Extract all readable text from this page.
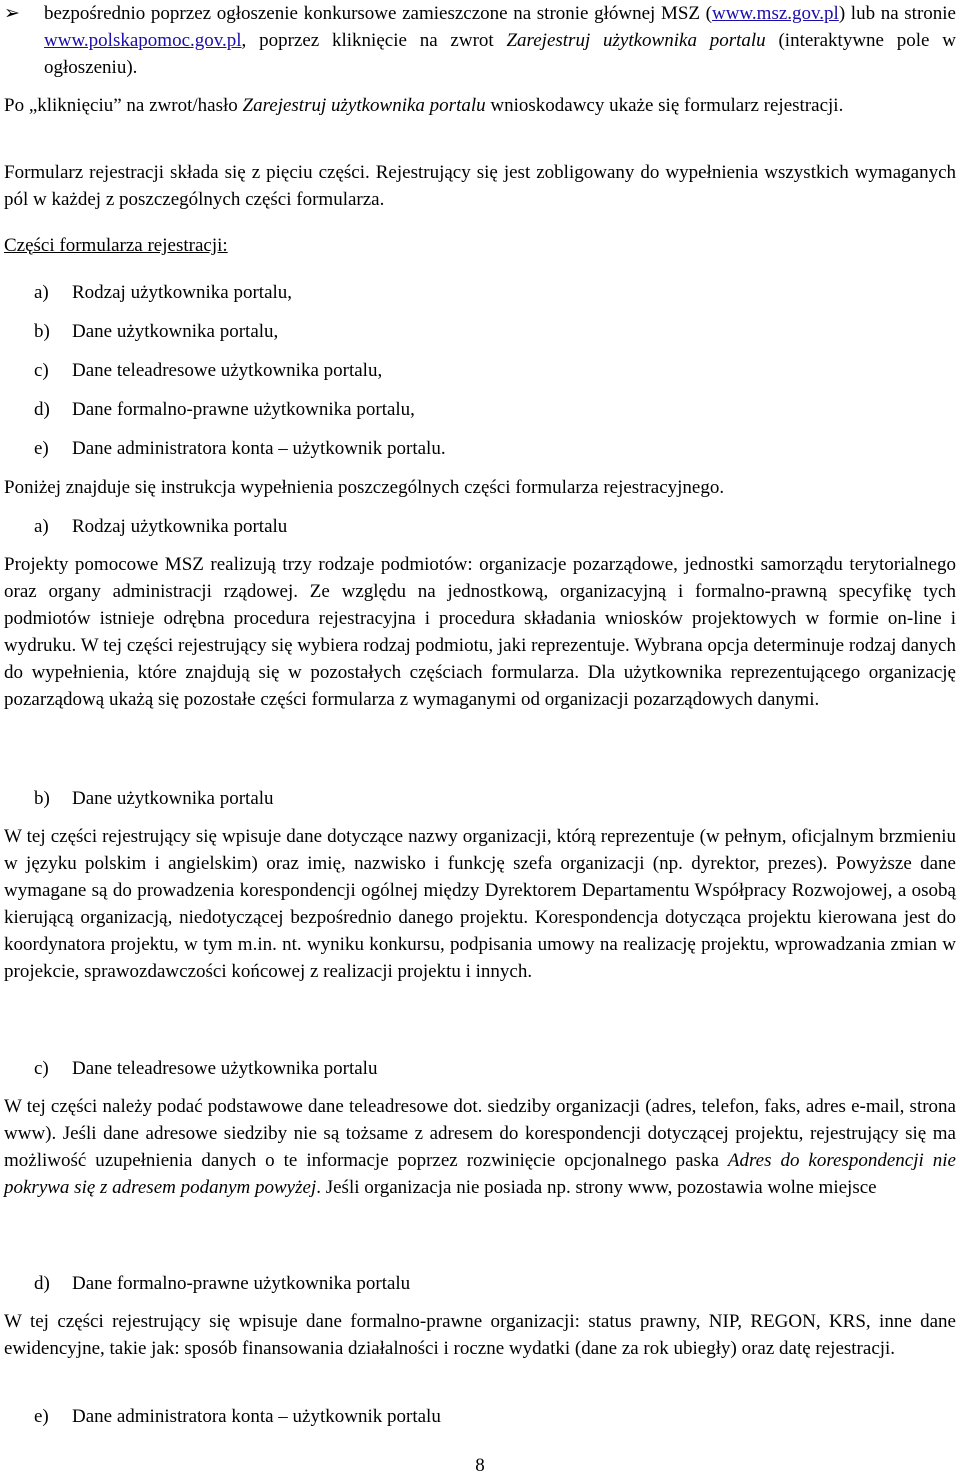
➢ bezpośrednio poprzez ogłoszenie konkursowe zamieszczone na stronie głównej MSZ (www.msz.gov.pl) lub na stronie www.polskapomoc.gov.pl, poprzez kliknięcie na zwrot Zarejestruj użytkownika portalu (interaktywne pole w ogłoszeniu).

Po „kliknięciu” na zwrot/hasło Zarejestruj użytkownika portalu wnioskodawcy ukaże się formularz rejestracji.

Formularz rejestracji składa się z pięciu części. Rejestrujący się jest zobligowany do wypełnienia wszystkich wymaganych pól w każdej z poszczególnych części formularza.

Części formularza rejestracji:

a) Rodzaj użytkownika portalu,
b) Dane użytkownika portalu,
c) Dane teleadresowe użytkownika portalu,
d) Dane formalno-prawne użytkownika portalu,
e) Dane administratora konta – użytkownik portalu.

Poniżej znajduje się instrukcja wypełnienia poszczególnych części formularza rejestracyjnego.

a) Rodzaj użytkownika portalu

Projekty pomocowe MSZ realizują trzy rodzaje podmiotów: organizacje pozarządowe, jednostki samorządu terytorialnego oraz organy administracji rządowej. Ze względu na jednostkową, organizacyjną i formalno-prawną specyfikę tych podmiotów istnieje odrębna procedura rejestracyjna i procedura składania wniosków projektowych w formie on-line i wydruku. W tej części rejestrujący się wybiera rodzaj podmiotu, jaki reprezentuje. Wybrana opcja determinuje rodzaj danych do wypełnienia, które znajdują się w pozostałych częściach formularza. Dla użytkownika reprezentującego organizację pozarządową ukażą się pozostałe części formularza z wymaganymi od organizacji pozarządowych danymi.

b) Dane użytkownika portalu

W tej części rejestrujący się wpisuje dane dotyczące nazwy organizacji, którą reprezentuje (w pełnym, oficjalnym brzmieniu w języku polskim i angielskim) oraz imię, nazwisko i funkcję szefa organizacji (np. dyrektor, prezes). Powyższe dane wymagane są do prowadzenia korespondencji ogólnej między Dyrektorem Departamentu Współpracy Rozwojowej, a osobą kierującą organizacją, niedotyczącej bezpośrednio danego projektu. Korespondencja dotycząca projektu kierowana jest do koordynatora projektu, w tym m.in. nt. wyniku konkursu, podpisania umowy na realizację projektu, wprowadzania zmian w projekcie, sprawozdawczości końcowej z realizacji projektu i innych.

c) Dane teleadresowe użytkownika portalu

W tej części należy podać podstawowe dane teleadresowe dot. siedziby organizacji (adres, telefon, faks, adres e-mail, strona www). Jeśli dane adresowe siedziby nie są tożsame z adresem do korespondencji dotyczącej projektu, rejestrujący się ma możliwość uzupełnienia danych o te informacje poprzez rozwinięcie opcjonalnego paska Adres do korespondencji nie pokrywa się z adresem podanym powyżej. Jeśli organizacja nie posiada np. strony www, pozostawia wolne miejsce

d) Dane formalno-prawne użytkownika portalu

W tej części rejestrujący się wpisuje dane formalno-prawne organizacji: status prawny, NIP, REGON, KRS, inne dane ewidencyjne, takie jak: sposób finansowania działalności i roczne wydatki (dane za rok ubiegły) oraz datę rejestracji.

e) Dane administratora konta – użytkownik portalu
8
